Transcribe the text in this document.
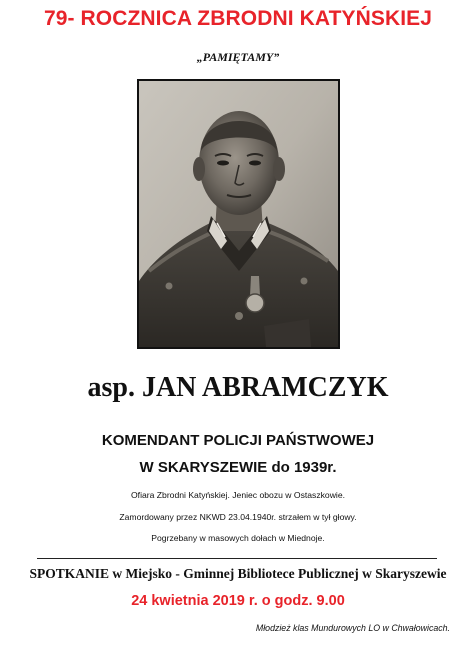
79- ROCZNICA ZBRODNI KATYŃSKIEJ
„PAMIĘTAMY”
asp. JAN ABRAMCZYK
KOMENDANT POLICJI PAŃSTWOWEJ
W SKARYSZEWIE do 1939r.
Ofiara Zbrodni Katyńskiej. Jeniec obozu w Ostaszkowie.
Zamordowany przez NKWD 23.04.1940r. strzałem w tył głowy.
Pogrzebany w masowych dołach w Miednoje.
SPOTKANIE w Miejsko - Gminnej Bibliotece Publicznej w Skaryszewie
24 kwietnia 2019 r. o godz. 9.00
Młodzież klas Mundurowych LO w Chwałowicach.
